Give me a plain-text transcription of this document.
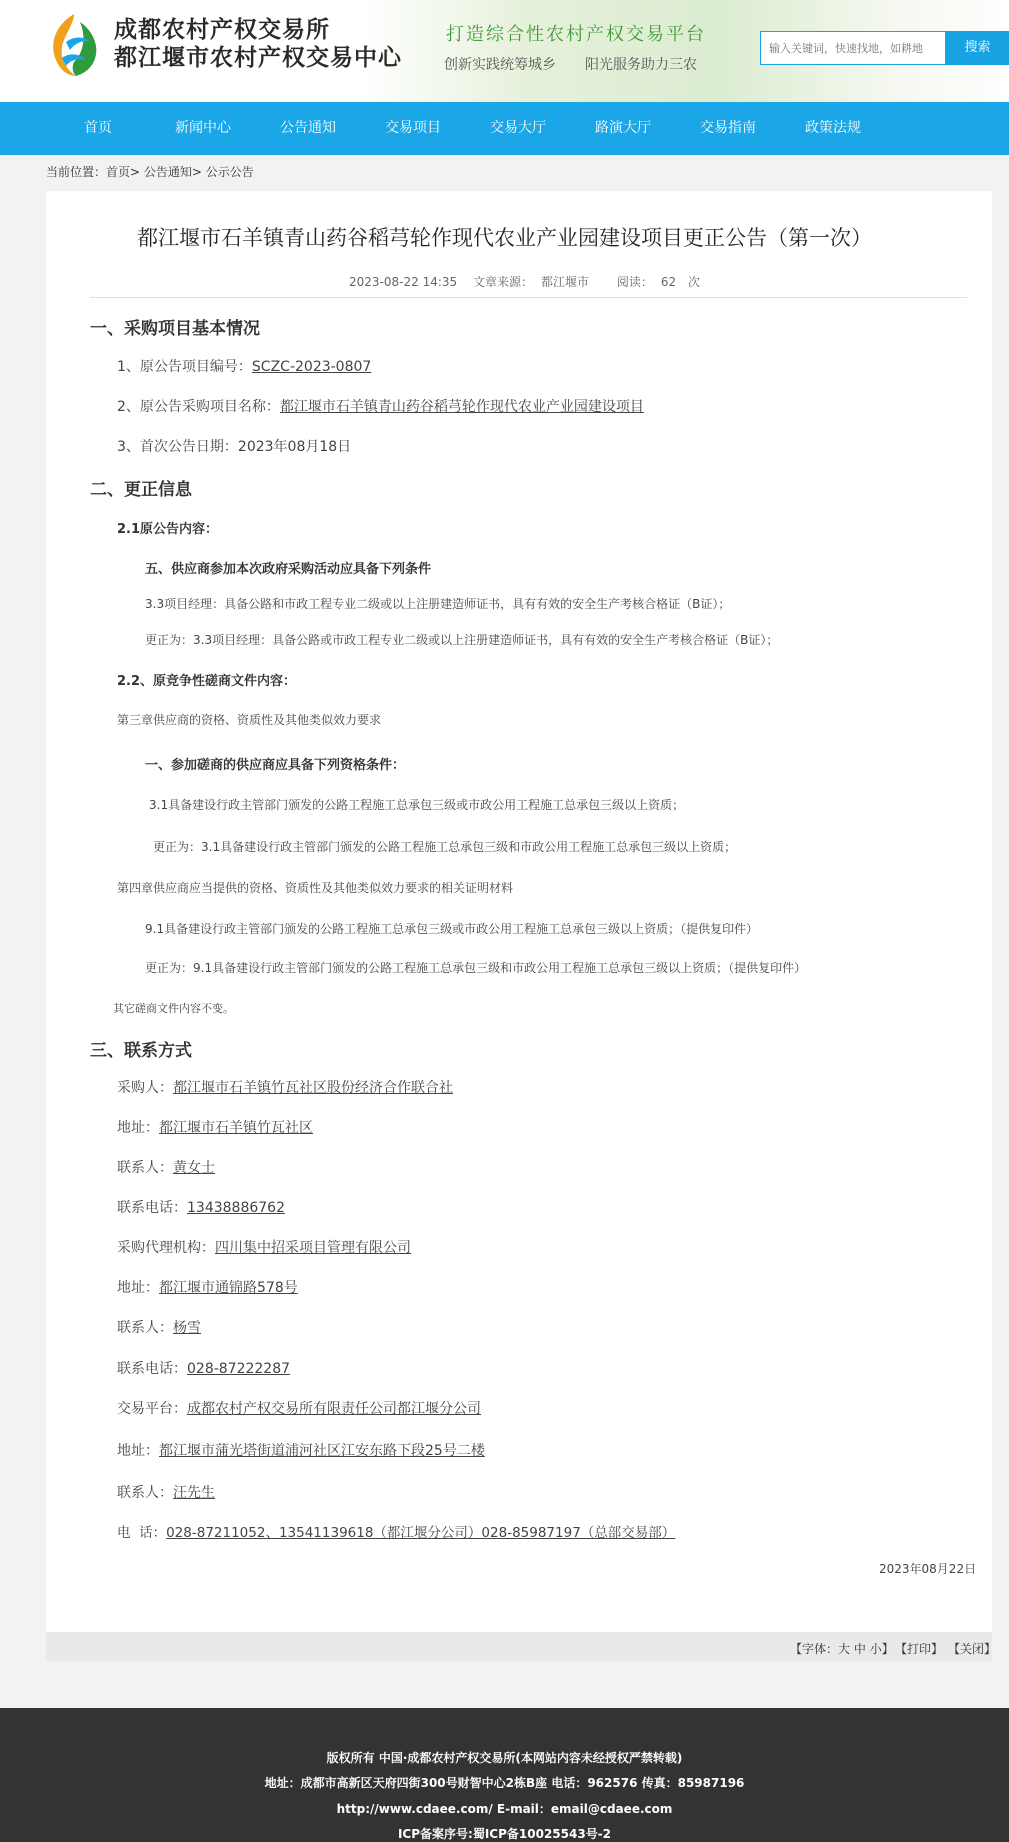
成都农村产权交易所
都江堰市农村产权交易中心
打造综合性农村产权交易平台
创新实践统筹城乡 阳光服务助力三农
输入关键词，快速找地，如耕地
搜索
首页	新闻中心	公告通知	交易项目	交易大厅	路演大厅	交易指南	政策法规
当前位置：首页> 公告通知> 公示公告
都江堰市石羊镇青山药谷稻芎轮作现代农业产业园建设项目更正公告（第一次）
2023-08-22 14:35 文章来源： 都江堰市 阅读： 62 次
一、采购项目基本情况
1、原公告项目编号：SCZC-2023-0807
2、原公告采购项目名称：都江堰市石羊镇青山药谷稻芎轮作现代农业产业园建设项目
3、首次公告日期：2023年08月18日
二、更正信息
2.1原公告内容：
五、供应商参加本次政府采购活动应具备下列条件
3.3项目经理：具备公路和市政工程专业二级或以上注册建造师证书，具有有效的安全生产考核合格证（B证）；
更正为：3.3项目经理：具备公路或市政工程专业二级或以上注册建造师证书，具有有效的安全生产考核合格证（B证）；
2.2、原竞争性磋商文件内容：
第三章供应商的资格、资质性及其他类似效力要求
一、参加磋商的供应商应具备下列资格条件：
3.1具备建设行政主管部门颁发的公路工程施工总承包三级或市政公用工程施工总承包三级以上资质；
更正为：3.1具备建设行政主管部门颁发的公路工程施工总承包三级和市政公用工程施工总承包三级以上资质；
第四章供应商应当提供的资格、资质性及其他类似效力要求的相关证明材料
9.1具备建设行政主管部门颁发的公路工程施工总承包三级或市政公用工程施工总承包三级以上资质；（提供复印件）
更正为：9.1具备建设行政主管部门颁发的公路工程施工总承包三级和市政公用工程施工总承包三级以上资质；（提供复印件）
其它磋商文件内容不变。
三、联系方式
采购人：都江堰市石羊镇竹瓦社区股份经济合作联合社
地址：都江堰市石羊镇竹瓦社区
联系人：黄女士
联系电话：13438886762
采购代理机构：四川集中招采项目管理有限公司
地址：都江堰市通锦路578号
联系人：杨雪
联系电话：028-87222287
交易平台：成都农村产权交易所有限责任公司都江堰分公司
地址：都江堰市蒲光塔街道浦河社区江安东路下段25号二楼
联系人：汪先生
电  话：028-87211052、13541139618（都江堰分公司）028-85987197（总部交易部）
2023年08月22日
【字体：大 中 小】 【打印】 【关闭】
版权所有 中国·成都农村产权交易所(本网站内容未经授权严禁转载)
地址：成都市高新区天府四街300号财智中心2栋B座 电话：962576 传真：85987196
http://www.cdaee.com/ E-mail：email@cdaee.com
ICP备案序号:蜀ICP备10025543号-2
